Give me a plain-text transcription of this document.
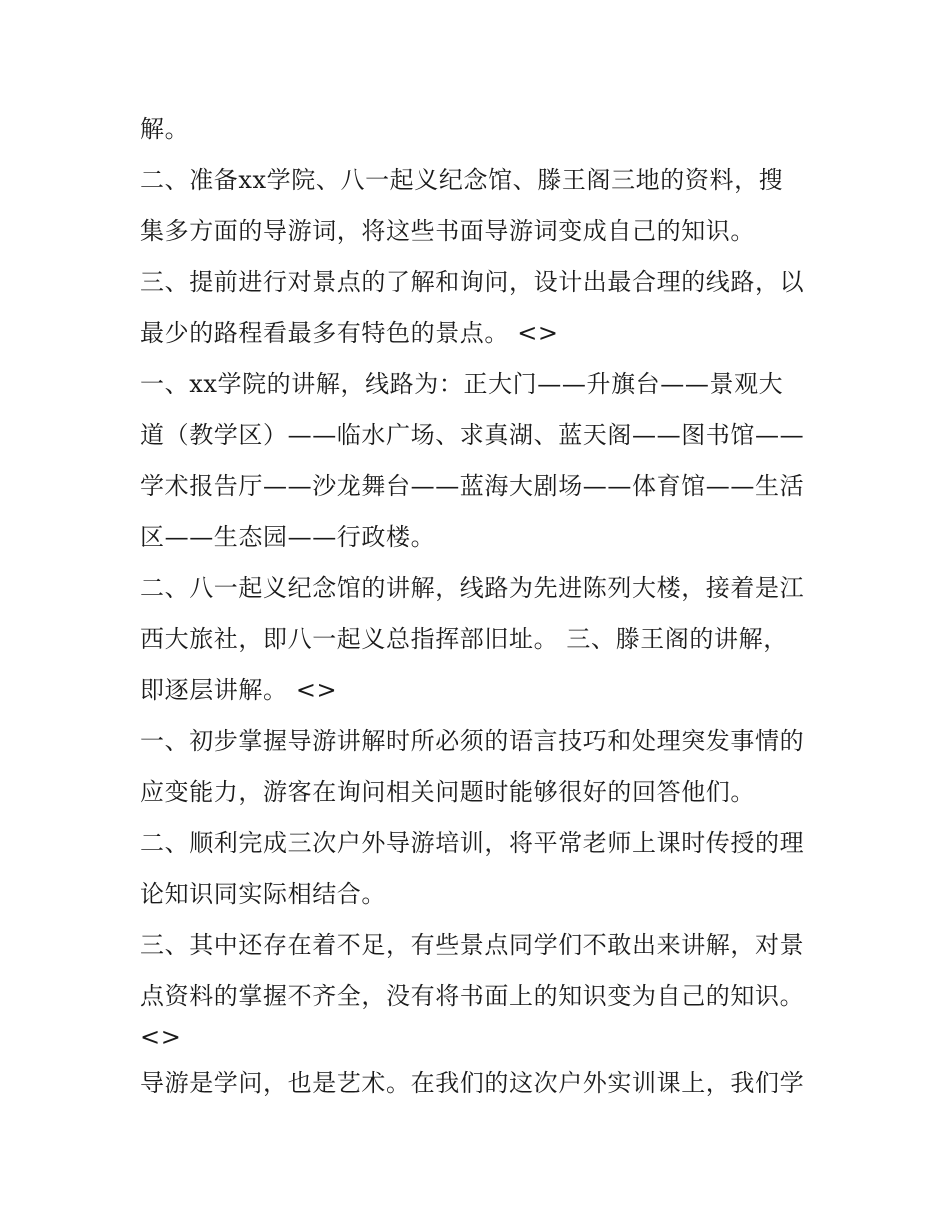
解。
二、准备xx学院、八一起义纪念馆、滕王阁三地的资料，搜
集多方面的导游词，将这些书面导游词变成自己的知识。
三、提前进行对景点的了解和询问，设计出最合理的线路，以
最少的路程看最多有特色的景点。 <>
一、xx学院的讲解，线路为：正大门——升旗台——景观大
道（教学区）——临水广场、求真湖、蓝天阁——图书馆——
学术报告厅——沙龙舞台——蓝海大剧场——体育馆——生活
区——生态园——行政楼。
二、八一起义纪念馆的讲解，线路为先进陈列大楼，接着是江
西大旅社，即八一起义总指挥部旧址。 三、滕王阁的讲解，
即逐层讲解。 <>
一、初步掌握导游讲解时所必须的语言技巧和处理突发事情的
应变能力，游客在询问相关问题时能够很好的回答他们。
二、顺利完成三次户外导游培训，将平常老师上课时传授的理
论知识同实际相结合。
三、其中还存在着不足，有些景点同学们不敢出来讲解，对景
点资料的掌握不齐全，没有将书面上的知识变为自己的知识。
<>
导游是学问，也是艺术。在我们的这次户外实训课上，我们学
